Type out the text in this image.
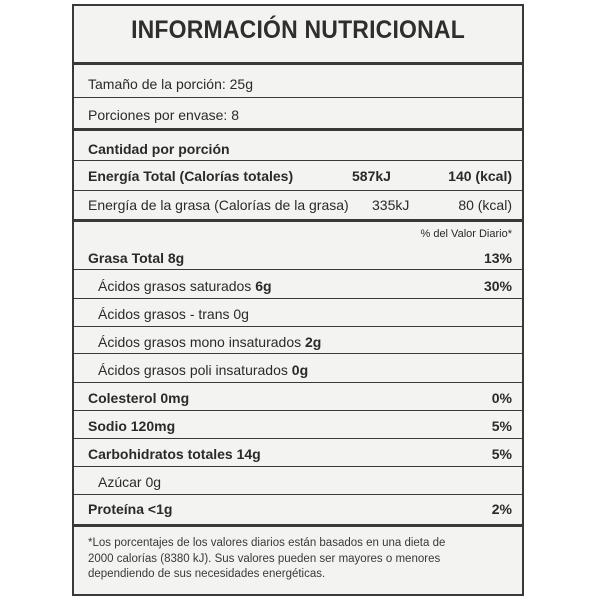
INFORMACIÓN NUTRICIONAL
Tamaño de la porción: 25g
Porciones por envase: 8
Cantidad por porción
Energía Total (Calorías totales)	587kJ	140 (kcal)
Energía de la grasa (Calorías de la grasa) 335kJ	80 (kcal)
% del Valor Diario*
Grasa Total 8g	13%
Ácidos grasos saturados 6g	30%
Ácidos grasos - trans 0g
Ácidos grasos mono insaturados 2g
Ácidos grasos poli insaturados 0g
Colesterol 0mg	0%
Sodio 120mg	5%
Carbohidratos totales 14g	5%
Azúcar 0g
Proteína <1g	2%
*Los porcentajes de los valores diarios están basados en una dieta de
2000 calorías (8380 kJ). Sus valores pueden ser mayores o menores
dependiendo de sus necesidades energéticas.
